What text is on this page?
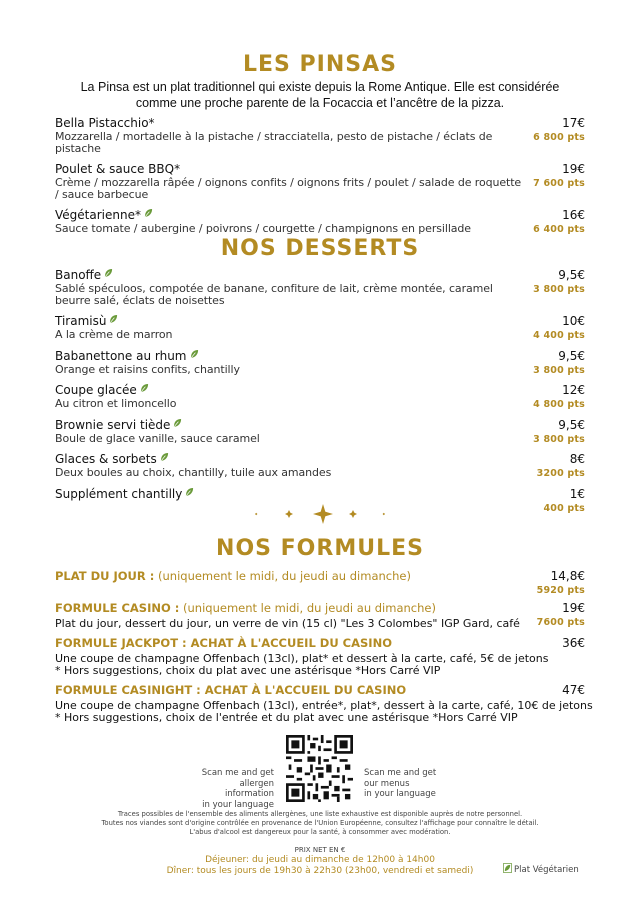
LES PINSAS

La Pinsa est un plat traditionnel qui existe depuis la Rome Antique. Elle est considérée comme une proche parente de la Focaccia et l’ancêtre de la pizza.

Bella Pistacchio*
Mozzarella / mortadelle à la pistache / stracciatella, pesto de pistache / éclats de pistache
17€
6 800 pts
Poulet & sauce BBQ*
Crème / mozzarella râpée / oignons confits / oignons frits / poulet / salade de roquette / sauce barbecue
19€
7 600 pts
Végétarienne*
Sauce tomate / aubergine / poivrons / courgette / champignons en persillade
16€
6 400 pts
NOS DESSERTS
Banoffe
Sablé spéculoos, compotée de banane, confiture de lait, crème montée, caramel beurre salé, éclats de noisettes
9,5€
3 800 pts
Tiramisù
A la crème de marron
10€
4 400 pts
Babanettone au rhum
Orange et raisins confits, chantilly
9,5€
3 800 pts
Coupe glacée
Au citron et limoncello
12€
4 800 pts
Brownie servi tiède
Boule de glace vanille, sauce caramel
9,5€
3 800 pts
Glaces & sorbets
Deux boules au choix, chantilly, tuile aux amandes
8€
3200 pts
Supplément chantilly	1€
400 pts
NOS FORMULES
PLAT DU JOUR : (uniquement le midi, du jeudi au dimanche)	14,8€
5920 pts
FORMULE CASINO : (uniquement le midi, du jeudi au dimanche)
Plat du jour, dessert du jour, un verre de vin (15 cl) "Les 3 Colombes" IGP Gard, café
19€
7600 pts
FORMULE JACKPOT : ACHAT À L'ACCUEIL DU CASINO
Une coupe de champagne Offenbach (13cl), plat* et dessert à la carte, café, 5€ de jetons
* Hors suggestions, choix du plat avec une astérisque *Hors Carré VIP
36€
FORMULE CASINIGHT : ACHAT À L'ACCUEIL DU CASINO
Une coupe de champagne Offenbach (13cl), entrée*, plat*, dessert à la carte, café, 10€ de jetons
* Hors suggestions, choix de l'entrée et du plat avec une astérisque *Hors Carré VIP
47€
Scan me and get
allergen information
in your language
Scan me and get
our menus
in your language
Traces possibles de l'ensemble des aliments allergènes, une liste exhaustive est disponible auprès de notre personnel.
Toutes nos viandes sont d'origine contrôlée en provenance de l'Union Européenne, consultez l'affichage pour connaître le détail.
L'abus d'alcool est dangereux pour la santé, à consommer avec modération.
PRIX NET EN €
Déjeuner: du jeudi au dimanche de 12h00 à 14h00
Dîner: tous les jours de 19h30 à 22h30 (23h00, vendredi et samedi)	Plat Végétarien
